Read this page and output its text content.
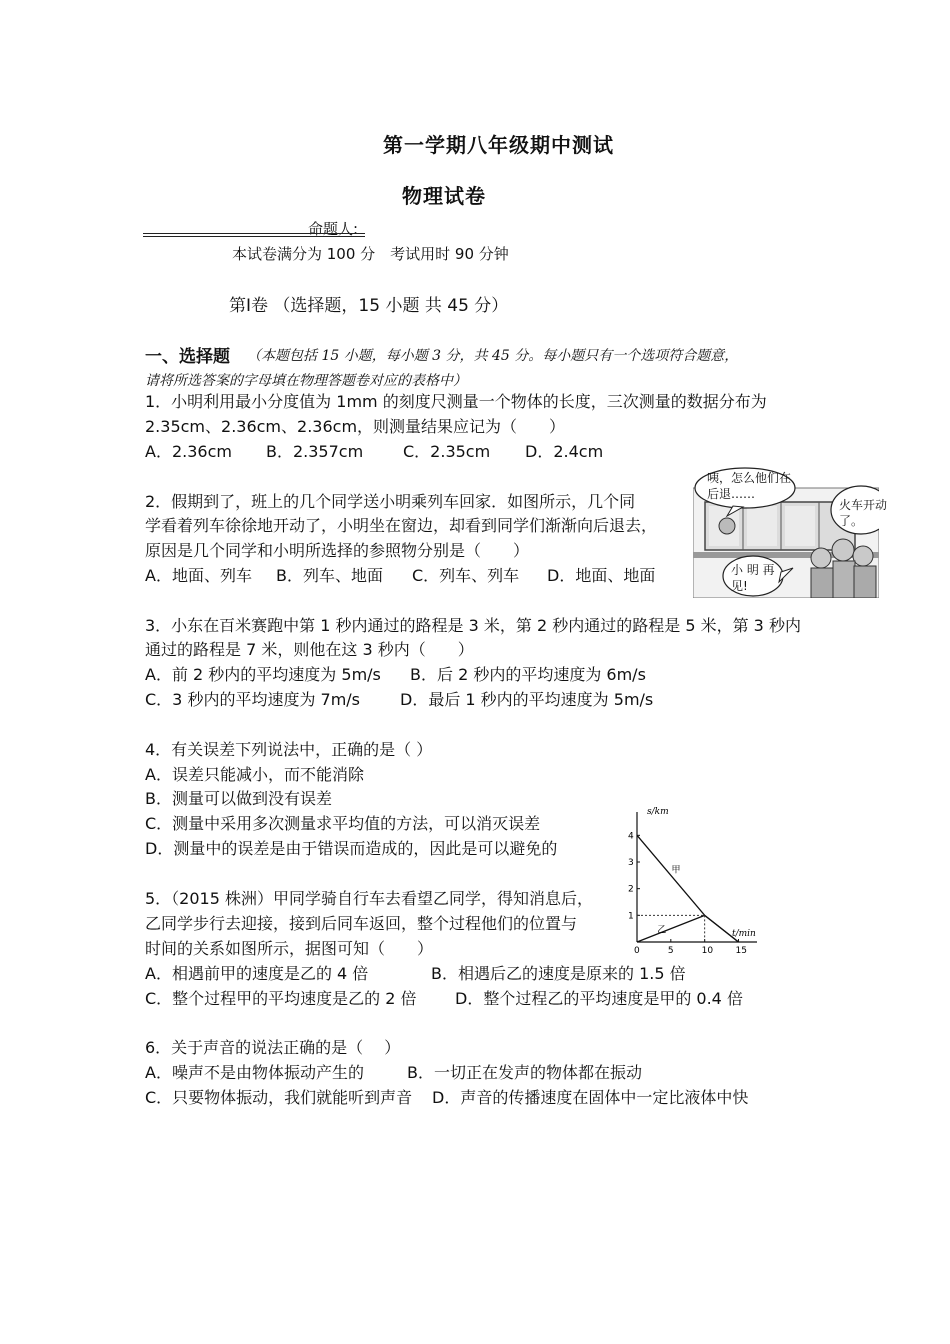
第一学期八年级期中测试
物理试卷
命题人:
本试卷满分为 100 分　考试用时 90 分钟
第Ⅰ卷 （选择题，15 小题 共 45 分）
一、选择题 （本题包括 15 小题，每小题 3 分，共 45 分。每小题只有一个选项符合题意，
请将所选答案的字母填在物理答题卷对应的表格中）
1．小明利用最小分度值为 1mm 的刻度尺测量一个物体的长度，三次测量的数据分布为
2.35cm、2.36cm、2.36cm，则测量结果应记为（　　）
A．2.36cm B．2.357cm C．2.35cm D．2.4cm
2．假期到了，班上的几个同学送小明乘列车回家．如图所示，几个同
学看着列车徐徐地开动了，小明坐在窗边，却看到同学们渐渐向后退去，
原因是几个同学和小明所选择的参照物分别是（　　）
A．地面、列车 B．列车、地面 C．列车、列车 D．地面、地面
咦，怎么他们在
后退……
火车开动
了。
小 明 再
见!
3．小东在百米赛跑中第 1 秒内通过的路程是 3 米，第 2 秒内通过的路程是 5 米，第 3 秒内
通过的路程是 7 米，则他在这 3 秒内（　　）
A．前 2 秒内的平均速度为 5m/s B．后 2 秒内的平均速度为 6m/s
C．3 秒内的平均速度为 7m/s D．最后 1 秒内的平均速度为 5m/s
4．有关误差下列说法中，正确的是（ ）
A．误差只能减小，而不能消除
B．测量可以做到没有误差
C．测量中采用多次测量求平均值的方法，可以消灭误差
D．测量中的误差是由于错误而造成的，因此是可以避免的
5．（2015 株洲）甲同学骑自行车去看望乙同学，得知消息后，
乙同学步行去迎接，接到后同车返回，整个过程他们的位置与
时间的关系如图所示，据图可知（　　）
A．相遇前甲的速度是乙的 4 倍	B．相遇后乙的速度是原来的 1.5 倍
C．整个过程甲的平均速度是乙的 2 倍 D．整个过程乙的平均速度是甲的 0.4 倍
s/km
t/min
0	5	10 15
1
2
3
4
甲
乙
6．关于声音的说法正确的是（　 ）
A．噪声不是由物体振动产生的	B．一切正在发声的物体都在振动
C．只要物体振动，我们就能听到声音 D．声音的传播速度在固体中一定比液体中快
